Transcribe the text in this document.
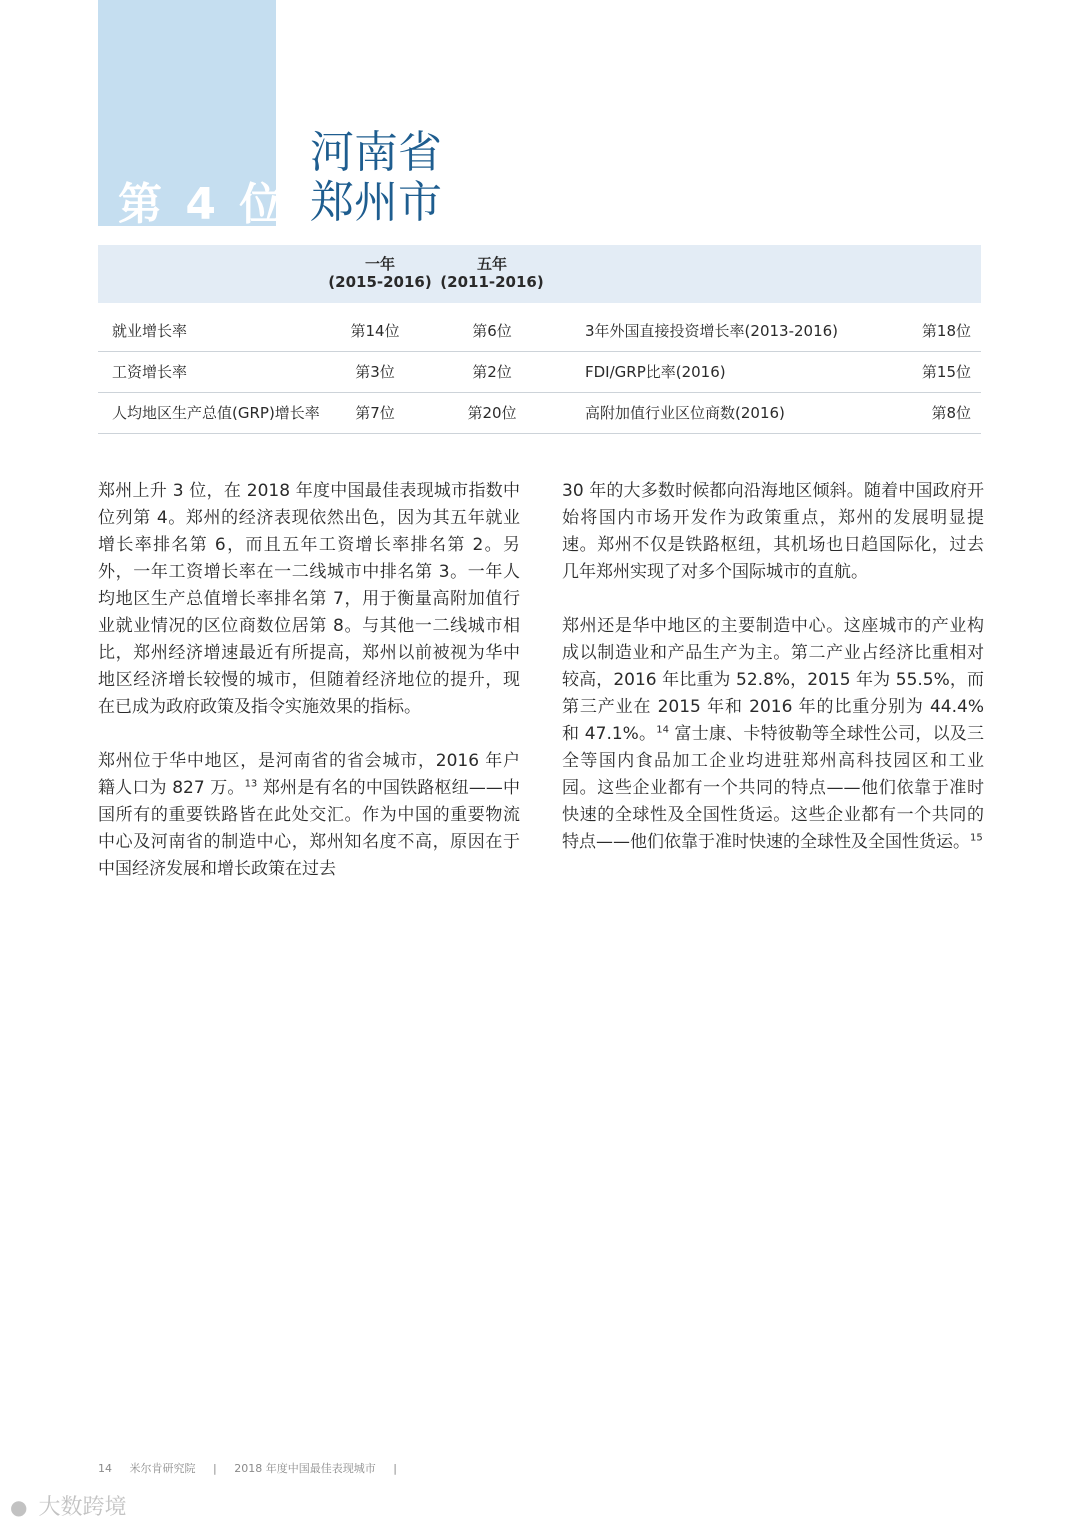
第 4 位
河南省
郑州市
一年
(2015-2016)
五年
(2011-2016)
就业增长率	第14位	第6位	3年外国直接投资增长率(2013-2016)	第18位
工资增长率	第3位	第2位	FDI/GRP比率(2016)	第15位
人均地区生产总值(GRP)增长率	第7位	第20位	高附加值行业区位商数(2016)	第8位

郑州上升 3 位，在 2018 年度中国最佳表现城市指数中位列第 4。郑州的经济表现依然出色，因为其五年就业增长率排名第 6，而且五年工资增长率排名第 2。另外，一年工资增长率在一二线城市中排名第 3。一年人均地区生产总值增长率排名第 7，用于衡量高附加值行业就业情况的区位商数位居第 8。与其他一二线城市相比，郑州经济增速最近有所提高，郑州以前被视为华中地区经济增长较慢的城市，但随着经济地位的提升，现在已成为政府政策及指令实施效果的指标。

郑州位于华中地区，是河南省的省会城市，2016 年户籍人口为 827 万。$^{13}$ 郑州是有名的中国铁路枢纽——中国所有的重要铁路皆在此处交汇。作为中国的重要物流中心及河南省的制造中心，郑州知名度不高，原因在于中国经济发展和增长政策在过去

30 年的大多数时候都向沿海地区倾斜。随着中国政府开始将国内市场开发作为政策重点，郑州的发展明显提速。郑州不仅是铁路枢纽，其机场也日趋国际化，过去几年郑州实现了对多个国际城市的直航。

郑州还是华中地区的主要制造中心。这座城市的产业构成以制造业和产品生产为主。第二产业占经济比重相对较高，2016 年比重为 52.8%，2015 年为 55.5%，而第三产业在 2015 年和 2016 年的比重分别为 44.4% 和 47.1%。$^{14}$ 富士康、卡特彼勒等全球性公司，以及三全等国内食品加工企业均进驻郑州高科技园区和工业园。这些企业都有一个共同的特点——他们依靠于准时快速的全球性及全国性货运。这些企业都有一个共同的特点——他们依靠于准时快速的全球性及全国性货运。$^{15}$

14 米尔肯研究院 | 2018 年度中国最佳表现城市 |
● 大数跨境
